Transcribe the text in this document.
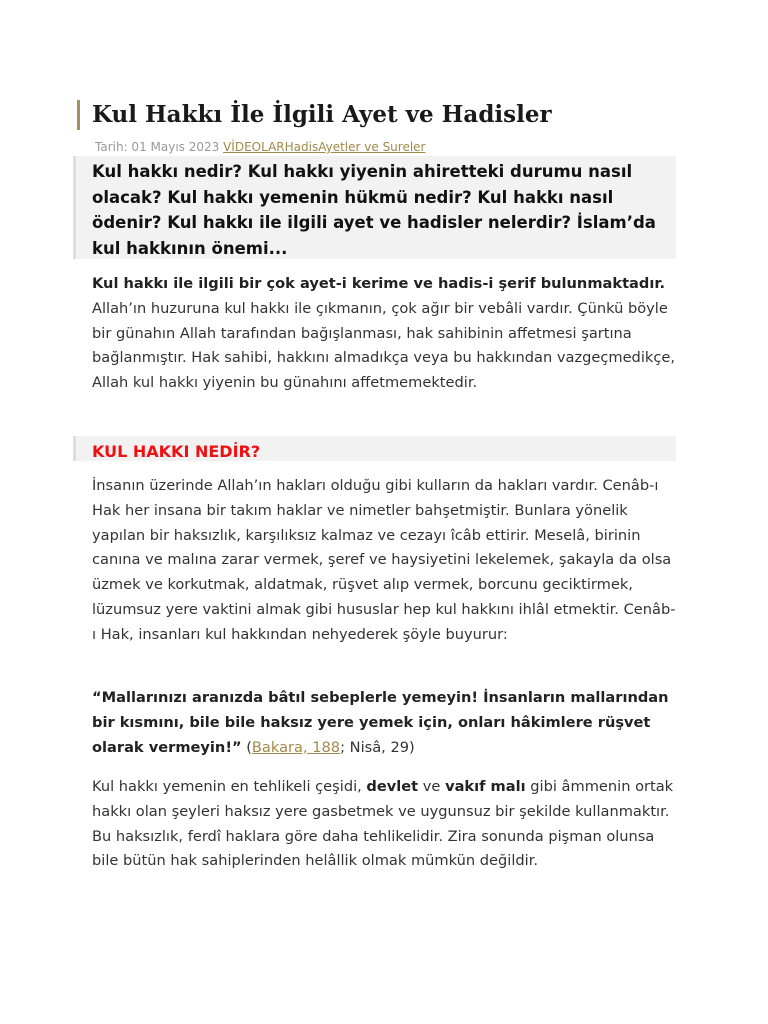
Kul Hakkı İle İlgili Ayet ve Hadisler
Tarih: 01 Mayıs 2023 VİDEOLARHadisAyetler ve Sureler

Kul hakkı nedir? Kul hakkı yiyenin ahiretteki durumu nasıl olacak? Kul hakkı yemenin hükmü nedir? Kul hakkı nasıl ödenir? Kul hakkı ile ilgili ayet ve hadisler nelerdir? İslam’da kul hakkının önemi...

Kul hakkı ile ilgili bir çok ayet-i kerime ve hadis-i şerif bulunmaktadır. Allah’ın huzuruna kul hakkı ile çıkmanın, çok ağır bir vebâli vardır. Çünkü böyle bir günahın Allah tarafından bağışlanması, hak sahibinin affetmesi şartına bağlanmıştır. Hak sahibi, hakkını almadıkça veya bu hakkından vazgeçmedikçe, Allah kul hakkı yiyenin bu günahını affetmemektedir.

KUL HAKKI NEDİR?

İnsanın üzerinde Allah’ın hakları olduğu gibi kulların da hakları vardır. Cenâb-ı Hak her insana bir takım haklar ve nimetler bahşetmiştir. Bunlara yönelik yapılan bir haksızlık, karşılıksız kalmaz ve cezayı îcâb ettirir. Meselâ, birinin canına ve malına zarar vermek, şeref ve haysiyetini lekelemek, şakayla da olsa üzmek ve korkutmak, aldatmak, rüşvet alıp vermek, borcunu geciktirmek, lüzumsuz yere vaktini almak gibi hususlar hep kul hakkını ihlâl etmektir. Cenâb-ı Hak, insanları kul hakkından nehyederek şöyle buyurur:

“Mallarınızı aranızda bâtıl sebeplerle yemeyin! İnsanların mallarından bir kısmını, bile bile haksız yere yemek için, onları hâkimlere rüşvet olarak vermeyin!” (Bakara, 188; Nisâ, 29)

Kul hakkı yemenin en tehlikeli çeşidi, devlet ve vakıf malı gibi âmmenin ortak hakkı olan şeyleri haksız yere gasbetmek ve uygunsuz bir şekilde kullanmaktır. Bu haksızlık, ferdî haklara göre daha tehlikelidir. Zira sonunda pişman olunsa bile bütün hak sahiplerinden helâllik olmak mümkün değildir.
